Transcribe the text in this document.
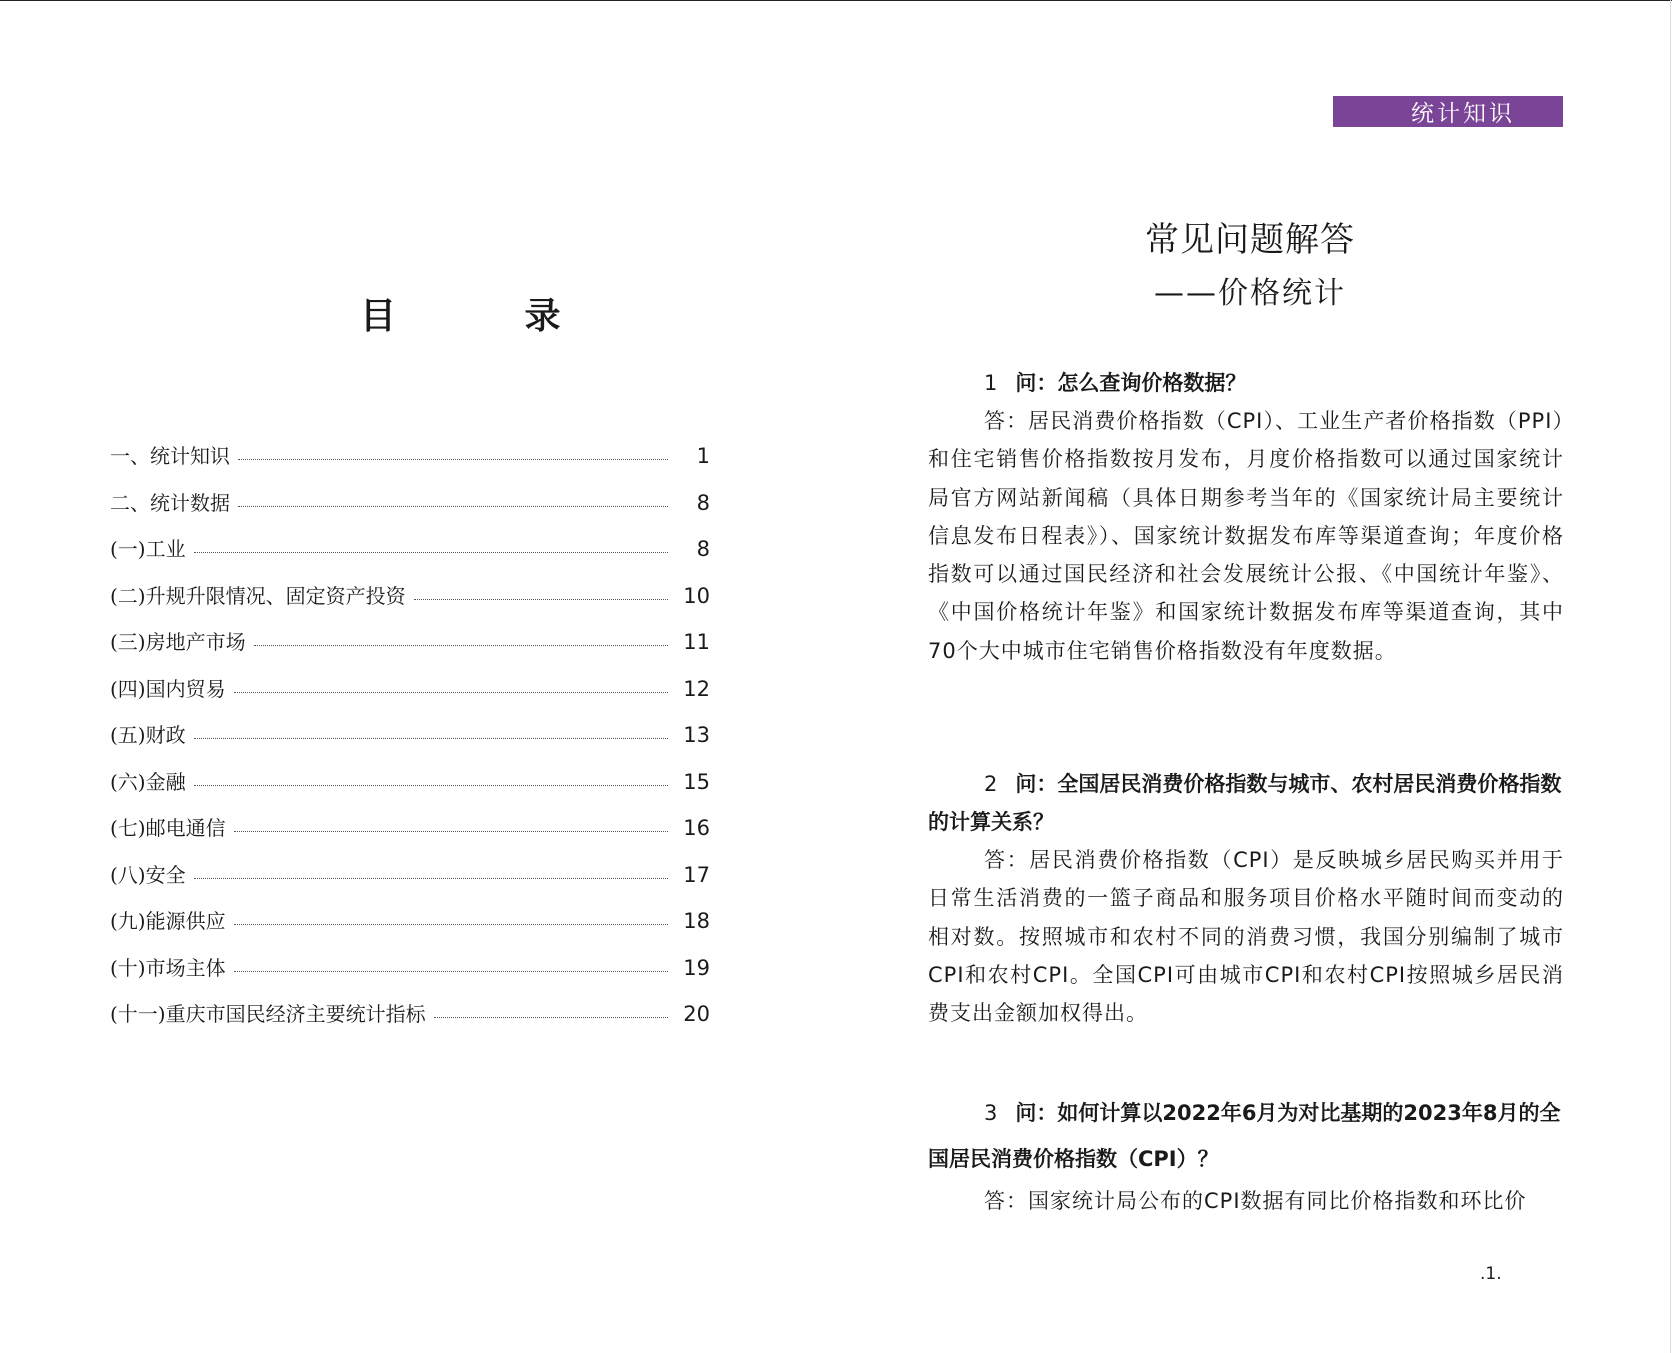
目 录
一、统计知识	1
二、统计数据	8
(一)工业	8
(二)升规升限情况、固定资产投资	10
(三)房地产市场	11
(四)国内贸易	12
(五)财政	13
(六)金融	15
(七)邮电通信	16
(八)安全	17
(九)能源供应	18
(十)市场主体	19
(十一)重庆市国民经济主要统计指标	20
统计知识
常见问题解答
——价格统计
1 问：怎么查询价格数据？
答：居民消费价格指数（CPI）、工业生产者价格指数（PPI）和住宅销售价格指数按月发布，月度价格指数可以通过国家统计局官方网站新闻稿（具体日期参考当年的《国家统计局主要统计信息发布日程表》）、国家统计数据发布库等渠道查询；年度价格指数可以通过国民经济和社会发展统计公报、《中国统计年鉴》、《中国价格统计年鉴》和国家统计数据发布库等渠道查询，其中70个大中城市住宅销售价格指数没有年度数据。
2 问：全国居民消费价格指数与城市、农村居民消费价格指数的计算关系？
答：居民消费价格指数（CPI）是反映城乡居民购买并用于日常生活消费的一篮子商品和服务项目价格水平随时间而变动的相对数。按照城市和农村不同的消费习惯，我国分别编制了城市CPI和农村CPI。全国CPI可由城市CPI和农村CPI按照城乡居民消费支出金额加权得出。
3 问：如何计算以2022年6月为对比基期的2023年8月的全国居民消费价格指数（CPI）？
答：国家统计局公布的CPI数据有同比价格指数和环比价
.1.
